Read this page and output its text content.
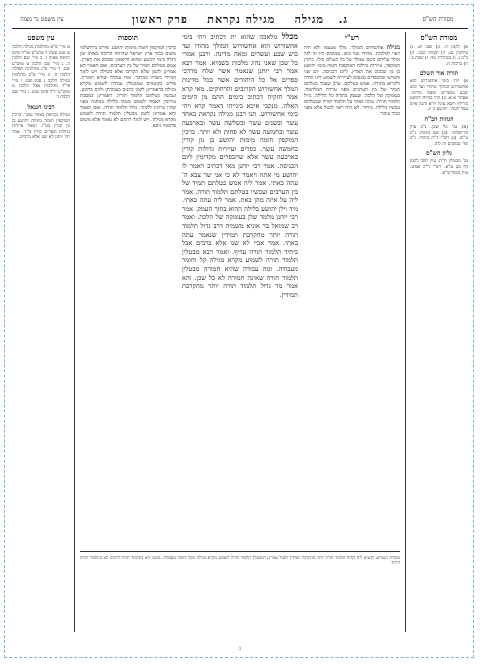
מסורת הש"ס
ג.   מגילה    מגילה נקראת    פרק ראשון
עין משפט נר מצוה
מסורת הש"ס
א) לקמן ה. ב) שם יט. ג) עירובין סג: ד) יבמות קכב. ה) ב"ב ג. ו) סנהדרין מד: ז) שבת כ. ח) ברכות ח.
תורה אור השלם
א) ויהי בימי אחשורוש הוא אחשורוש המולך מהודו ועד כוש שבע ועשרים ומאה מדינה. אסתר א א. ב) ויהי בהיות יהושע ביריחו וישא עיניו וירא והנה איש עמד לנגדו. יהושע ה יג.
הגהות הב"ח
(א) גמ' כל שכן. נ"ב עיין בירושלמי. (ב) שם בימות. נ"ב ע"ש. (ג) רש"י ד"ה מהודו. נ"ב ופי' סמוכים זה לזה.
גליון הש"ס
גמ' מבטלין ת"ת. עיין תוס' לקמן דף כט ע"א. רש"י ד"ה אמש. עיין במהרש"א.
עין משפט
א מיי' פ"א מהלכות מגילה הלכה א סמג עשין ד טוש"ע או"ח סימן תרפח סעיף ו. ב מיי' שם הלכה ה. ג מיי' שם הלכה ט טוש"ע שם. ד מיי' פ"ג מהלכות תפילה הלכה ח. ה מיי' פ"ב מהלכות מגילה הלכה ג סמג שם. ו מיי' פי"ד מהלכות אבל הלכה ט טוש"ע יו"ד סימן שמג. ז מיי' שם הלכה ד.
רבינו חננאל
מגילה נקראת באחד עשר. כרכין המוקפין חומה מימות יהושע בן נון קורין בט"ו. ושאר עיירות גדולות וכפרים קורין בי"ד. אמר רבי יוחנן לא שנו אלא ברבים.
רש"י
מגילה אחשורוש המולך. מלך מעצמו ולא היה ראוי למלכות. מהודו ועד כוש. סמוכים היו זה לזה ומלך עליהם כשם שמלך על כל העולם כולו. כרכין המוקפין. עיירות גדולות המוקפות חומה מימי יהושע בן נון שכבש את הארץ. ליום הכניסה. יום שני וחמישי שהכפרים נכנסים לעיירות לשמוע דיני תורה ולקרוא בתורה. אמש בטלתם. ערב שעבר בטלתם תמיד של בין הערבים מפני טרדת המלחמה. בעומקה של הלכה. שעסק בתורה כל הלילה. גדול תלמוד תורה. עתה באתי על תלמוד תורה שבטלתם עכשיו בלילה. ביחיד. לא היה ראוי לבטל אלא מפני כבוד ציבור.
תוספות
כרכין המוקפין חומה מימות יהושע. פירש בירושלמי משום כבוד ארץ ישראל שהיתה חריבה באותו זמן ותלה בימי יהושע שהוא הראשון שכבש את הארץ. אמש בטלתם תמיד של בין הערבים. ואם תאמר הא אמרינן לקמן שלא הקריבו אלא בשילה ויש לומר דמיירי כשהיו במדבר. ומה עבודה שהיא חמורה. פירש בקונטרס שמבטלין עבודה לשמוע מקרא מגילה כדאמרינן לקמן כהנים בעבודתן ולוים בדוכנן. ועכשיו בטלתם תלמוד תורה. דאמרינן במסכת עירובין דאסור לשמש מטתו בלילה במחנה מפני שהיו צריכין ללמוד. גדול תלמוד תורה. ואם תאמר והא אמרינן לקמן מבטלין תלמוד תורה לשמוע מקרא מגילה. ויש לומר דהתם לא נאמר אלא משום פרסומי ניסא.
מכלל מלאכה שהוא ית דכתיב ויהי בימי אחשורוש הוא אחשורוש המולך מהודו ועד כוש שבע ועשרים ומאה מדינה. ורבנן אמרי כל שכן שאני נהיג מלכות בשמיא. אמר רבא אמר רבי יוחנן שנאמר אשר שלח מרדכי ספרים אל כל היהודים אשר בכל מדינות המלך אחשורוש הקרובים והרחוקים. מאי קרא אמר חזקיה דכתיב בימים ההם מן הימים האלה. מנקבי איכא בינייהו דאמר קרא ויהי בימי אחשורוש. תנו רבנן מגילה נקראת באחד עשר ובשנים עשר ובשלשה עשר ובארבעה עשר ובחמשה עשר לא פחות ולא יותר. כרכין המוקפין חומה מימות יהושע בן נון קורין בחמשה עשר. כפרים ועיירות גדולות קורין בארבעה עשר אלא שהכפרים מקדימין ליום הכניסה. אמר רבי יוחנן מאי דכתיב ויאמר לו יהושע מי אתה ויאמר לא כי אני שר צבא ה' עתה באתי. אמר ליה אמש בטלתם תמיד של בין הערבים ועכשיו בטלתם תלמוד תורה. אמר ליה על איזה מהן באת. אמר ליה עתה באתי. מיד וילן יהושע בלילה ההוא בתוך העמק. אמר רבי יוחנן מלמד שלן בעומקה של הלכה. ואמר רב שמואל בר אוניא משמיה דרב גדול תלמוד תורה יותר מהקרבת תמידין שנאמר עתה באתי. אמר אביי לא שנו אלא ברבים אבל ביחיד תלמוד תורה עדיף. ואמר רבא מבטלין תלמוד תורה לשמוע מקרא מגילה קל וחומר מעבודה. ומה עבודה שהיא חמורה מבטלין תלמוד תורה שאינה חמורה לא כל שכן. והא אמר מר גדול תלמוד תורה יותר מהקרבת תמידין.
מסורת הגמרא: וקשיא ליה דגדול תלמוד תורה יותר מהקרבת תמידין ולעיל אמרינן דמבטלין תלמוד תורה לשמוע מקרא מגילה מקל וחומר מעבודה. ומשני הא בתלמוד תורה דרבים הא בתלמוד תורה דיחיד.
ג
